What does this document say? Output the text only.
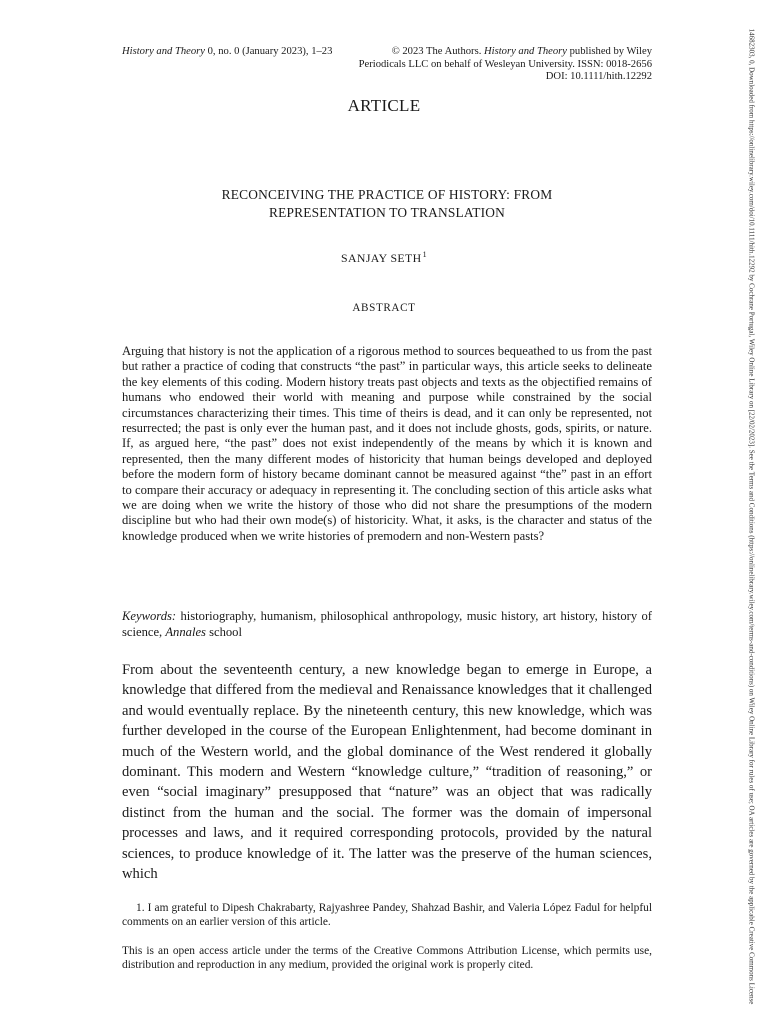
History and Theory 0, no. 0 (January 2023), 1–23	© 2023 The Authors. History and Theory published by Wiley
Periodicals LLC on behalf of Wesleyan University. ISSN: 0018-2656
DOI: 10.1111/hith.12292
ARTICLE
RECONCEIVING THE PRACTICE OF HISTORY: FROM
REPRESENTATION TO TRANSLATION
SANJAY SETH$^1$
ABSTRACT

Arguing that history is not the application of a rigorous method to sources bequeathed to us from the past but rather a practice of coding that constructs “the past” in particular ways, this article seeks to delineate the key elements of this coding. Modern history treats past objects and texts as the objectified remains of humans who endowed their world with meaning and purpose while constrained by the social circumstances characterizing their times. This time of theirs is dead, and it can only be represented, not resurrected; the past is only ever the human past, and it does not include ghosts, gods, spirits, or nature. If, as argued here, “the past” does not exist independently of the means by which it is known and represented, then the many different modes of historicity that human beings developed and deployed before the modern form of history became dominant cannot be measured against “the” past in an effort to compare their accuracy or adequacy in representing it. The concluding section of this article asks what we are doing when we write the history of those who did not share the presumptions of the modern discipline but who had their own mode(s) of historicity. What, it asks, is the character and status of the knowledge produced when we write histories of premodern and non-Western pasts?

Keywords: historiography, humanism, philosophical anthropology, music history, art history, history of science, Annales school

From about the seventeenth century, a new knowledge began to emerge in Europe, a knowledge that differed from the medieval and Renaissance knowledges that it challenged and would eventually replace. By the nineteenth century, this new knowledge, which was further developed in the course of the European Enlightenment, had become dominant in much of the Western world, and the global dominance of the West rendered it globally dominant. This modern and Western “knowledge culture,” “tradition of reasoning,” or even “social imaginary” presupposed that “nature” was an object that was radically distinct from the human and the social. The former was the domain of impersonal processes and laws, and it required corresponding protocols, provided by the natural sciences, to produce knowledge of it. The latter was the preserve of the human sciences, which

1. I am grateful to Dipesh Chakrabarty, Rajyashree Pandey, Shahzad Bashir, and Valeria López Fadul for helpful comments on an earlier version of this article.

This is an open access article under the terms of the Creative Commons Attribution License, which permits use, distribution and reproduction in any medium, provided the original work is properly cited.	14682303, 0, Downloaded from https://onlinelibrary.wiley.com/doi/10.1111/hith.12292 by Cochrane Portugal, Wiley Online Library on [22/02/2023]. See the Terms and Conditions (https://onlinelibrary.wiley.com/terms-and-conditions) on Wiley Online Library for rules of use; OA articles are governed by the applicable Creative Commons License
